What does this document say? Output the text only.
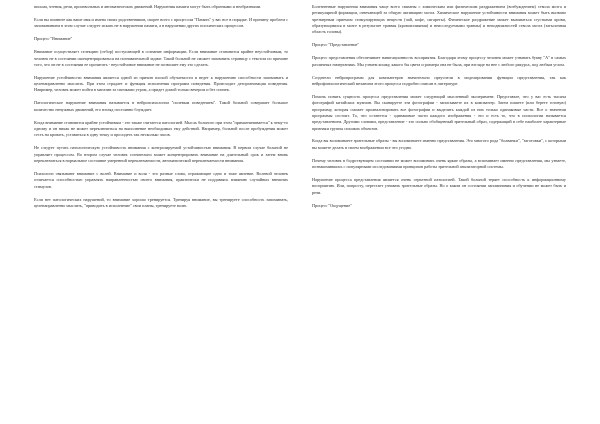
письма, чтения, речи, произвольных и автоматических движений. Нарушения памяти могут быть образными и необразными.

Если вы помните как ваше имя и имена своих родственников, скорее всего с процессом "Память" у вас все в порядке. И причину проблем с запоминанием в этом случае следует искать не в нарушении памяти, а в нарушении других психических процессов.

Процесс "Внимание"

Внимание осуществляет селекцию (отбор) поступающей в сознание информации. Если внимание становится крайне неустойчивым, то человек не в состоянии сконцентрироваться на познавательной задаче. Такой больной не сможет запомнить страницу с текстом по причине того, что он не в состоянии ее прочитать - неустойчивое внимание не позволяет ему это сделать.

Нарушение устойчивости внимания является одной из причин плохой обучаемости и ведет к нарушению способности запоминать и целенаправленно мыслить. При этом страдает и функция исполнения программ поведения. Происходит дезорганизация поведения. Например, человек может пойти в магазин за спичками утром, а придет домой только вечером и без спичек.

Патологическое нарушение внимания называется в нейропсихологии "полевым поведением". Такой больной совершает большое количество ненужных движений, его взгляд постоянно блуждает.

Когда внимание становится крайне устойчивым - это также считается патологией. Мысль больного при этом "примагничивается" к чему-то одному и он никак не может переключиться на выполнение необходимых ему действий. Например, больной после пробуждения может сесть на кровать, уставиться в одну точку и просидеть так несколько часов.

Не следует путать патологическую устойчивость внимания с контролируемой устойчивостью внимания. В первом случае больной не управляет процессом. Во втором случае человек сознательно может концентрировать внимание на длительный срок и затем вновь переключиться в нормальное состояние умеренной переключаемости, автоматической переключаемости внимания.

Психологи связывают внимание с волей. Внимание и воля - это разные слова, отражающие одно и тоже явление. Волевой человек отличается способностью управлять направленностью своего внимания, практически не поддаваясь влиянию случайных внешних стимулов.

Если нет патологических нарушений, то внимание хорошо тренируется. Тренируя внимание, вы тренируете способность запоминать, целенаправленно мыслить, "приводить в исполнение" свои планы, тренируете волю.

Болезненные нарушения внимания чаще всего связаны с химическим или физическим раздражением (возбуждением) ствола мозга и ретикулярной формации, отвечающей за общую активацию мозга. Химическое нарушение устойчивости внимания может быть вызвано чрезмерным приемом стимулирующих веществ (чай, кофе, сигареты). Физическое раздражение может вызываться сгустками крови, образующимися в мозге в результате травмы (кровоизлияния) и неисследуемыми травмы) и неподвижностей ствола мозга (затылочная область головы).

Процесс "Представление"

Процесс представления обеспечивает навигационность восприятия. Благодаря этому процессу человек может узнавать букву "А" в самых различных начертаниях. Мы узнаем кошку, какого бы цвета и размера она не была, при взгляде на нее с любого ракурса, под любым углом.

Создатели нейропрограмм для компьютеров значительно преуспели в моделировании функции представления, так как нейрофизиологический механизм этого процесса подробно описан в литературе.

Помочь понять сущность процесса представления может следующий мысленный эксперимент. Представьте, что у вас есть тысяча фотографий китайских мужчин. Вы сканируете эти фотографии - записываете их в компьютер. Затем пишете (или берете готовую) программу, которая сможет проанализировать все фотографии и выделить каждой из них только одинаковые части. Все о значении программы состоит. То, что останется - одинаковые части каждого изображения - это и есть то, что в психологии называется представлением. Другими словами, представление - это сильно обобщенный зрительный образ, содержащий в себе наиболее характерные признаки группы похожих объектов.

Когда вы вспоминаете зрительные образы - вы вспоминаете именно представления. Это многого рода "болванки", "заготовки", с которыми вы можете делать в своем воображении все что угодно.

Почему человек в бодрствующем состоянии не может вспоминать очень яркие образы, а вспоминает именно представления, мы узнаете, познакомившись с популярными исследованиями принципов работы зрительной анализаторной системы.

Нарушение процесса представления является очень серьезной патологией. Такой больной теряет способность к информационному восприятию. Или, попросту, перестает узнавать зрительные образы. Но о каком он состоянии запоминания и обучении не может быть и речи.

Процесс "Ощущение"
